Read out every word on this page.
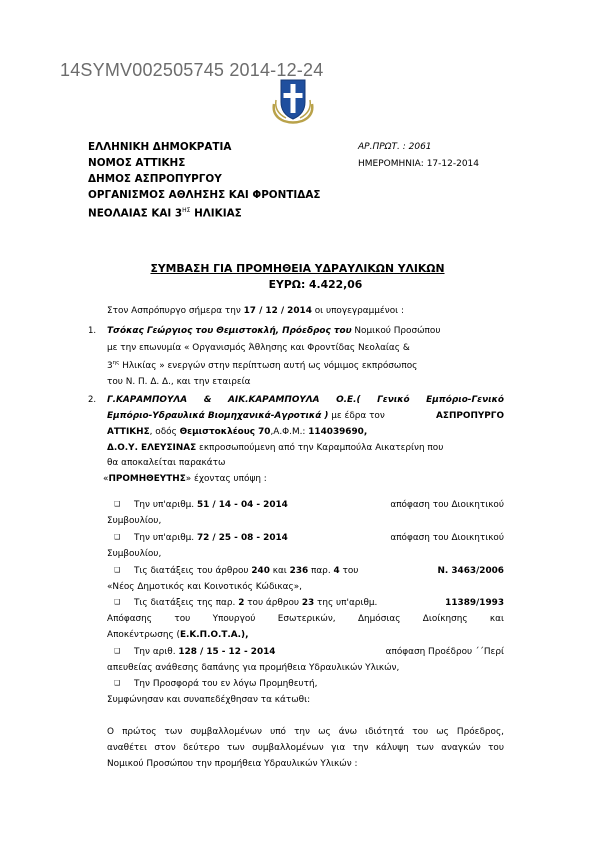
14SYMV002505745 2014-12-24
ΕΛΛΗΝΙΚΗ ΔΗΜΟΚΡΑΤΙΑ
ΝΟΜΟΣ ΑΤΤΙΚΗΣ
ΔΗΜΟΣ ΑΣΠΡΟΠΥΡΓΟΥ
ΟΡΓΑΝΙΣΜΟΣ ΑΘΛΗΣΗΣ ΚΑΙ ΦΡΟΝΤΙΔΑΣ
ΝΕΟΛΑΙΑΣ ΚΑΙ $3^{H\Sigma}$ ΗΛΙΚΙΑΣ
ΑΡ.ΠΡΩΤ. : 2061
ΗΜΕΡΟΜΗΝΙΑ: 17-12-2014
ΣΥΜΒΑΣΗ ΓΙΑ ΠΡΟΜΗΘΕΙΑ ΥΔΡΑΥΛΙΚΩΝ ΥΛΙΚΩΝ
ΕΥΡΩ: 4.422,06
Στον Ασπρόπυργο σήμερα την 17 / 12 / 2014 οι υπογεγραμμένοι :
1. Τσόκας Γεώργιος του Θεμιστοκλή, Πρόεδρος του Νομικού Προσώπου
με την επωνυμία « Οργανισμός Άθλησης και Φροντίδας Νεολαίας &
$3^{\eta\varsigma}$ Ηλικίας » ενεργών στην περίπτωση αυτή ως νόμιμος εκπρόσωπος
του Ν. Π. Δ. Δ., και την εταιρεία
2. Γ.ΚΑΡΑΜΠΟΥΛΑ & ΑΙΚ.ΚΑΡΑΜΠΟΥΛΑ Ο.Ε.( Γενικό Εμπόριο-Γενικό
Εμπόριο-Υδραυλικά Βιομηχανικά-Αγροτικά ) με έδρα τον	ΑΣΠΡΟΠΥΡΓΟ
ΑΤΤΙΚΗΣ, οδός Θεμιστοκλέους 70,Α.Φ.Μ.: 114039690,
Δ.Ο.Υ. ΕΛΕΥΣΙΝΑΣ εκπροσωπούμενη από την Καραμπούλα Αικατερίνη που
θα αποκαλείται παρακάτω
«ΠΡΟΜΗΘΕΥΤΗΣ» έχοντας υπόψη :
❑ Την υπ'αριθμ. 51 / 14 - 04 - 2014	απόφαση του Διοικητικού
Συμβουλίου,
❑ Την υπ'αριθμ. 72 / 25 - 08 - 2014	απόφαση του Διοικητικού
Συμβουλίου,
❑ Τις διατάξεις του άρθρου 240 και 236 παρ. 4 του	Ν. 3463/2006
«Νέος Δημοτικός και Κοινοτικός Κώδικας»,
❑ Τις διατάξεις της παρ. 2 του άρθρου 23 της υπ'αριθμ.	11389/1993
Απόφασης του Υπουργού Εσωτερικών, Δημόσιας Διοίκησης και
Αποκέντρωσης (Ε.Κ.Π.Ο.Τ.Α.),
❑ Την αριθ. 128 / 15 - 12 - 2014	απόφαση Προέδρου ΄΄Περί
απευθείας ανάθεσης δαπάνης για προμήθεια Υδραυλικών Υλικών,
❑ Την Προσφορά του εν λόγω Προμηθευτή,
Συμφώνησαν και συναπεδέχθησαν τα κάτωθι:
Ο πρώτος των συμβαλλομένων υπό την ως άνω ιδιότητά του ως Πρόεδρος,
αναθέτει στον δεύτερο των συμβαλλομένων για την κάλυψη των αναγκών του
Νομικού Προσώπου την προμήθεια Υδραυλικών Υλικών :
